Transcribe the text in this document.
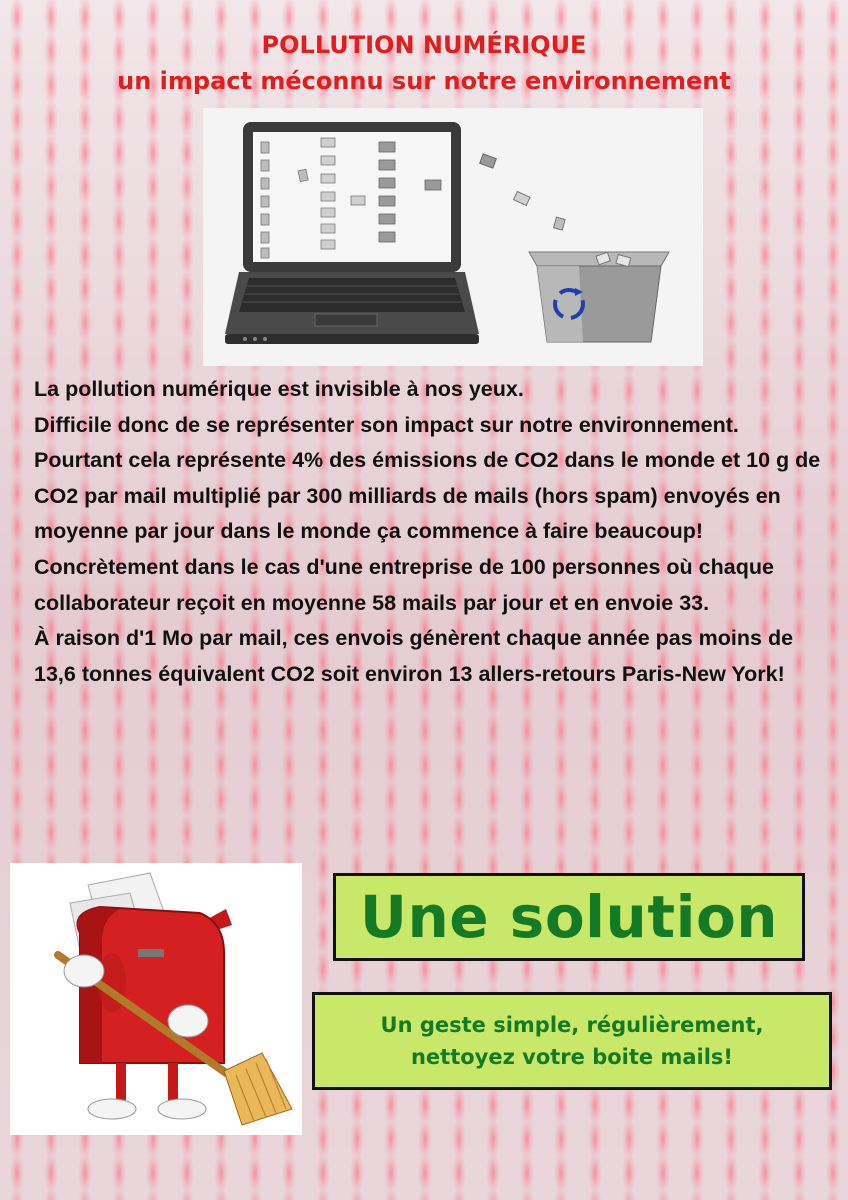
POLLUTION NUMÉRIQUE
un impact méconnu sur notre environnement

La pollution numérique est invisible à nos yeux.

Difficile donc de se représenter son impact sur notre environnement.

Pourtant cela représente 4% des émissions de CO2 dans le monde et 10 g de CO2 par mail multiplié par 300 milliards de mails (hors spam) envoyés en moyenne par jour dans le monde ça commence à faire beaucoup!

Concrètement dans le cas d'une entreprise de 100 personnes où chaque collaborateur reçoit en moyenne 58 mails par jour et en envoie 33.

À raison d'1 Mo par mail, ces envois génèrent chaque année pas moins de 13,6 tonnes équivalent CO2 soit environ 13 allers-retours Paris-New York!

Une solution
Un geste simple, régulièrement,
nettoyez votre boite mails!
